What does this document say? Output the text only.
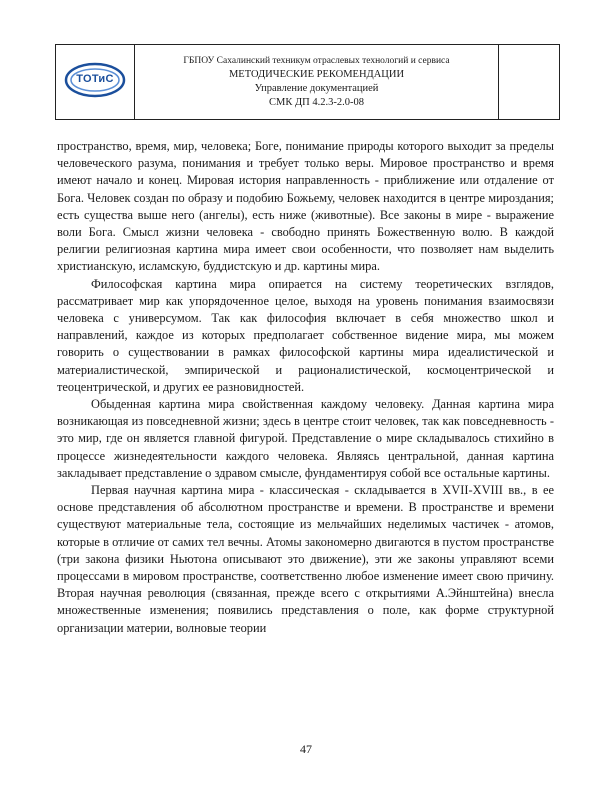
ТОТиС

ГБПОУ Сахалинский техникум отраслевых технологий и сервиса
МЕТОДИЧЕСКИЕ РЕКОМЕНДАЦИИ
Управление документацией
СМК ДП 4.2.3-2.0-08

пространство, время, мир, человека; Боге, понимание природы которого выходит за пределы человеческого разума, понимания и требует только веры. Мировое пространство и время имеют начало и конец. Мировая история направленность - приближение или отдаление от Бога. Человек создан по образу и подобию Божьему, человек находится в центре мироздания; есть существа выше него (ангелы), есть ниже (животные). Все законы в мире - выражение воли Бога. Смысл жизни человека - свободно принять Божественную волю. В каждой религии религиозная картина мира имеет свои особенности, что позволяет нам выделить христианскую, исламскую, буддистскую и др. картины мира.

Философская картина мира опирается на систему теоретических взглядов, рассматривает мир как упорядоченное целое, выходя на уровень понимания взаимосвязи человека с универсумом. Так как философия включает в себя множество школ и направлений, каждое из которых предполагает собственное видение мира, мы можем говорить о существовании в рамках философской картины мира идеалистической и материалистической, эмпирической и рационалистической, космоцентрической и теоцентрической, и других ее разновидностей.

Обыденная картина мира свойственная каждому человеку. Данная картина мира возникающая из повседневной жизни; здесь в центре стоит человек, так как повседневность - это мир, где он является главной фигурой. Представление о мире складывалось стихийно в процессе жизнедеятельности каждого человека. Являясь центральной, данная картина закладывает представление о здравом смысле, фундаментируя собой все остальные картины.

Первая научная картина мира - классическая - складывается в XVII-XVIII вв., в ее основе представления об абсолютном пространстве и времени. В пространстве и времени существуют материальные тела, состоящие из мельчайших неделимых частичек - атомов, которые в отличие от самих тел вечны. Атомы закономерно двигаются в пустом пространстве (три закона физики Ньютона описывают это движение), эти же законы управляют всеми процессами в мировом пространстве, соответственно любое изменение имеет свою причину. Вторая научная революция (связанная, прежде всего с открытиями А.Эйнштейна) внесла множественные изменения; появились представления о поле, как форме структурной организации материи, волновые теории

47
